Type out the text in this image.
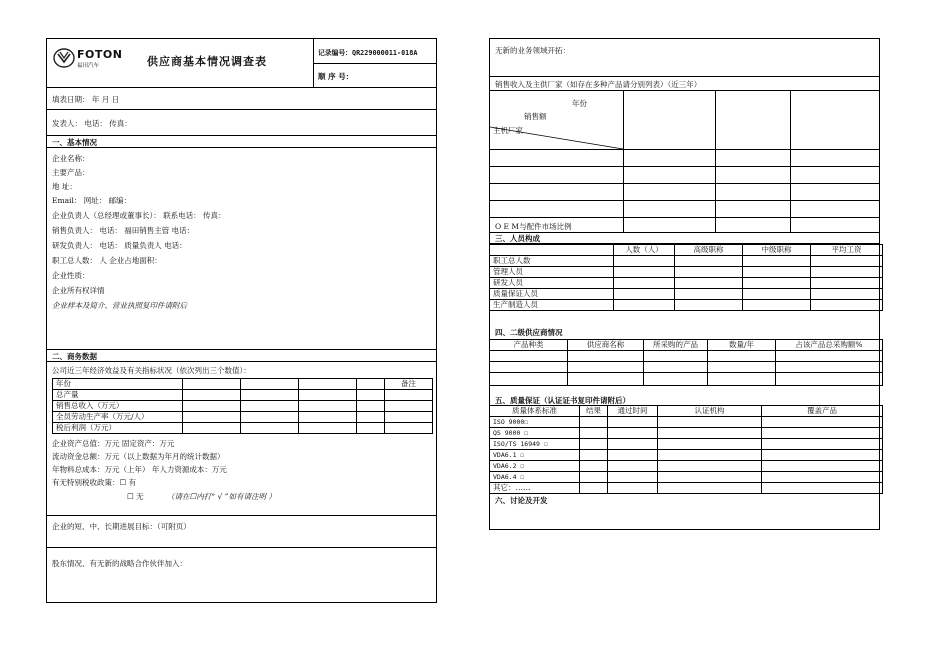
FOTON
福田汽车	供应商基本情况调查表
记录编号：QR229000011-018A
顺 序 号：
填表日期： 年 月 日
发表人： 电话： 传真：
一、基本情况
企业名称：
主要产品：
地 址：
Email： 网址： 邮编：
企业负责人（总经理或董事长）： 联系电话： 传真：
销售负责人： 电话： 福田销售主管 电话：
研发负责人： 电话： 质量负责人 电话：
职工总人数： 人 企业占地面积：
企业性质：
企业所有权详情
企业样本及简介、营业执照复印件请附后
二、商务数据
公司近三年经济效益及有关指标状况（依次列出三个数值）：
年份					备注
总产量					
销售总收入（万元）					
全员劳动生产率（万元/人）					
税后利润（万元）					
企业资产总值：万元 固定资产：万元
流动资金总额：万元（以上数据为年月的统计数据）
年物料总成本：万元（上年） 年人力资源成本：万元
有无特别税收政策：☐ 有
☐ 无	（请在☐内打“ √ ”如有请注明 ）
企业的短、中、长期进展目标：（可附页）
股东情况、有无新的战略合作伙伴加入：
无新的业务领域开拓：
销售收入及主供厂家（如存在多种产品请分别列表）（近三年）
年份
销售额
主机厂家
O E M与配件市场比例
三、人员构成
	人数（人）	高级职称	中级职称	平均工资
职工总人数				
管理人员				
研发人员				
质量保证人员				
生产制造人员				
四、二级供应商情况
产品种类	供应商名称	所采购的产品	数量/年	占该产品总采购额%

五、质量保证（认证证书复印件请附后）
质量体系标准	结果	通过时间	认证机构	覆盖产品
ISO 9000☐				
QS 9000 ☐				
ISO/TS 16949 ☐				
VDA6.1 ☐				
VDA6.2 ☐				
VDA6.4 ☐				
其它：……				
六、讨论及开发
